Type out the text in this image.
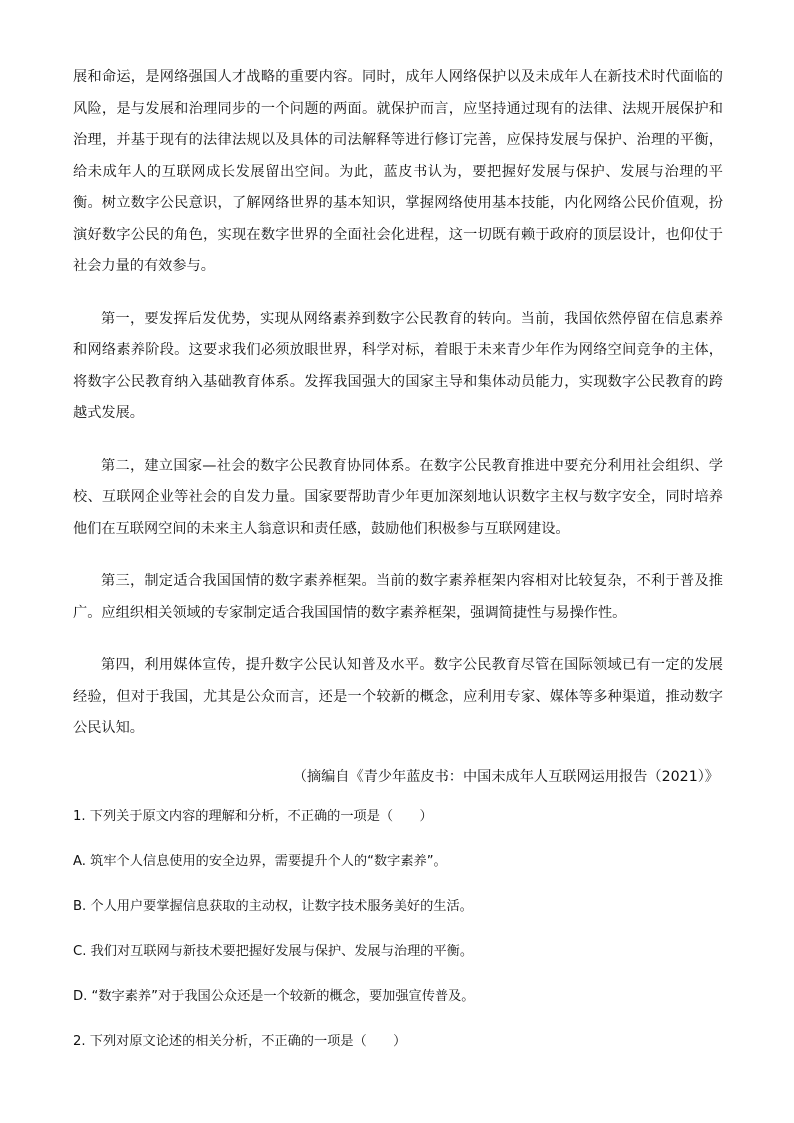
展和命运，是网络强国人才战略的重要内容。同时，成年人网络保护以及未成年人在新技术时代面临的风险，是与发展和治理同步的一个问题的两面。就保护而言，应坚持通过现有的法律、法规开展保护和治理，并基于现有的法律法规以及具体的司法解释等进行修订完善，应保持发展与保护、治理的平衡，给未成年人的互联网成长发展留出空间。为此，蓝皮书认为，要把握好发展与保护、发展与治理的平衡。树立数字公民意识，了解网络世界的基本知识，掌握网络使用基本技能，内化网络公民价值观，扮演好数字公民的角色，实现在数字世界的全面社会化进程，这一切既有赖于政府的顶层设计，也仰仗于社会力量的有效参与。

第一，要发挥后发优势，实现从网络素养到数字公民教育的转向。当前，我国依然停留在信息素养和网络素养阶段。这要求我们必须放眼世界，科学对标，着眼于未来青少年作为网络空间竞争的主体，将数字公民教育纳入基础教育体系。发挥我国强大的国家主导和集体动员能力，实现数字公民教育的跨越式发展。

第二，建立国家—社会的数字公民教育协同体系。在数字公民教育推进中要充分利用社会组织、学校、互联网企业等社会的自发力量。国家要帮助青少年更加深刻地认识数字主权与数字安全，同时培养他们在互联网空间的未来主人翁意识和责任感，鼓励他们积极参与互联网建设。

第三，制定适合我国国情的数字素养框架。当前的数字素养框架内容相对比较复杂，不利于普及推广。应组织相关领域的专家制定适合我国国情的数字素养框架，强调简捷性与易操作性。

第四，利用媒体宣传，提升数字公民认知普及水平。数字公民教育尽管在国际领域已有一定的发展经验，但对于我国，尤其是公众而言，还是一个较新的概念，应利用专家、媒体等多种渠道，推动数字公民认知。

（摘编自《青少年蓝皮书：中国未成年人互联网运用报告（2021）》
1. 下列关于原文内容的理解和分析，不正确的一项是（　　）
A. 筑牢个人信息使用的安全边界，需要提升个人的“数字素养”。
B. 个人用户要掌握信息获取的主动权，让数字技术服务美好的生活。
C. 我们对互联网与新技术要把握好发展与保护、发展与治理的平衡。
D. “数字素养”对于我国公众还是一个较新的概念，要加强宣传普及。
2. 下列对原文论述的相关分析，不正确的一项是（　　）
